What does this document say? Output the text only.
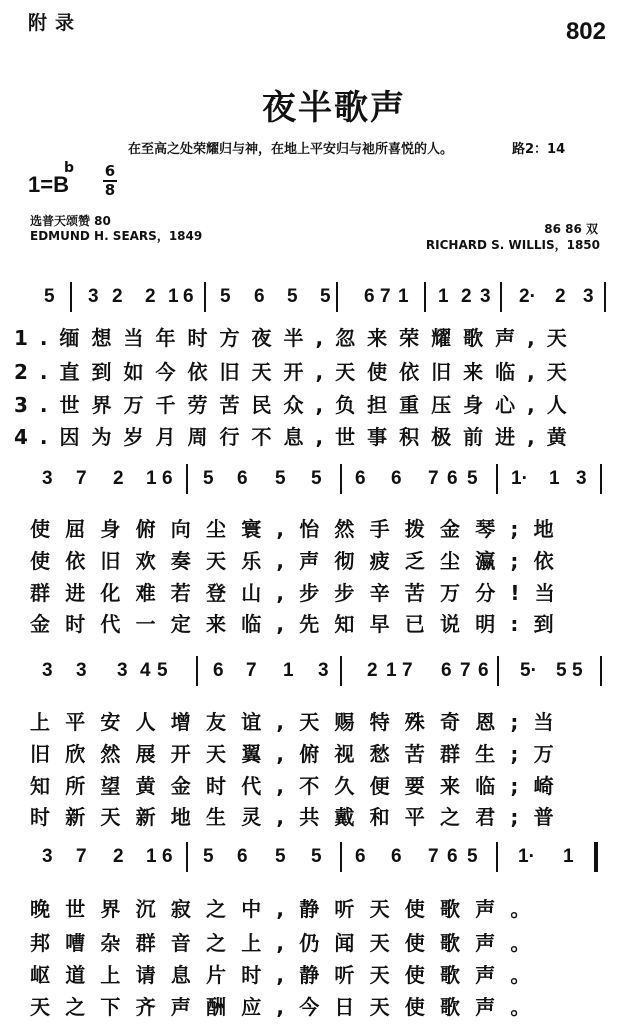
附录	802
夜半歌声
在至高之处荣耀归与神，在地上平安归与祂所喜悦的人。	路2：14
1=B
b 6
8
选普天颂赞 80
EDMUND H. SEARS，1849	86 86 双
RICHARD S. WILLIS，1850
5 3 2 2 1 6 5 6 5 5 6 7 1 1 2 3 2· 2 3
1.缅想当年时方夜半,忽来荣耀歌声,天
2.直到如今依旧天开,天使依旧来临,天
3.世界万千劳苦民众,负担重压身心,人
4.因为岁月周行不息,世事积极前进,黄
3 7 2 1 6 5 6 5 5 6 6 7 6 5 1· 1 3
使屈身俯向尘寰,怡然手拨金琴;地
使依旧欢奏天乐,声彻疲乏尘瀛;依
群进化难若登山,步步辛苦万分!当
金时代一定来临,先知早已说明:到
3 3 3 4 5 6 7 1 3 2 1 7 6 7 6 5· 5 5
上平安人增友谊,天赐特殊奇恩;当
旧欣然展开天翼,俯视愁苦群生;万
知所望黄金时代,不久便要来临;崎
时新天新地生灵,共戴和平之君;普
3 7 2 1 6 5 6 5 5 6 6 7 6 5 1· 1
晚世界沉寂之中,静听天使歌声。
邦嘈杂群音之上,仍闻天使歌声。
岖道上请息片时,静听天使歌声。
天之下齐声酬应,今日天使歌声。
